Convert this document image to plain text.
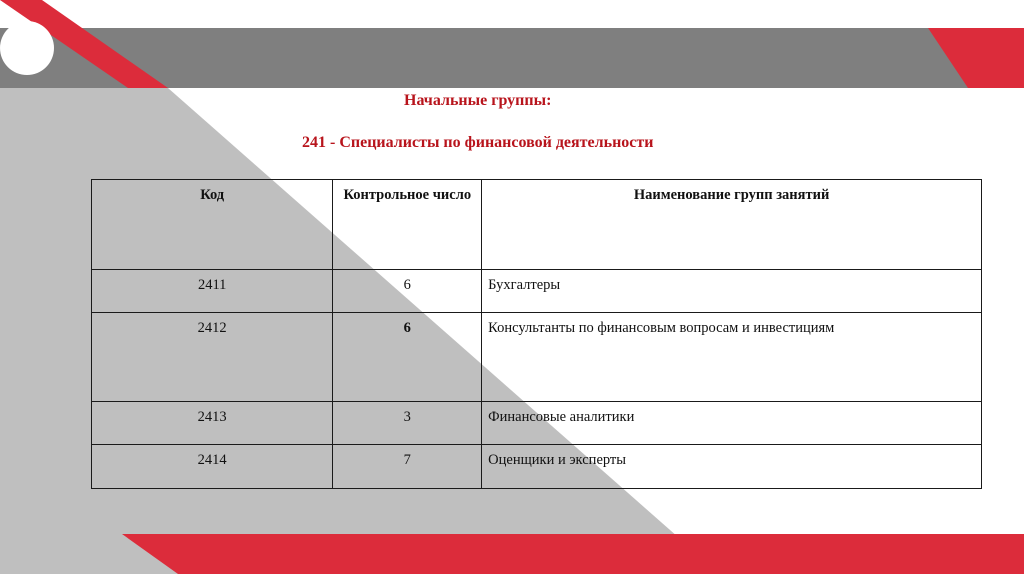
Начальные группы:
241 - Специалисты по финансовой деятельности
Код	Контрольное число	Наименование групп занятий
2411	6	Бухгалтеры
2412	6	Консультанты по финансовым вопросам и инвестициям
2413	3	Финансовые аналитики
2414	7	Оценщики и эксперты
